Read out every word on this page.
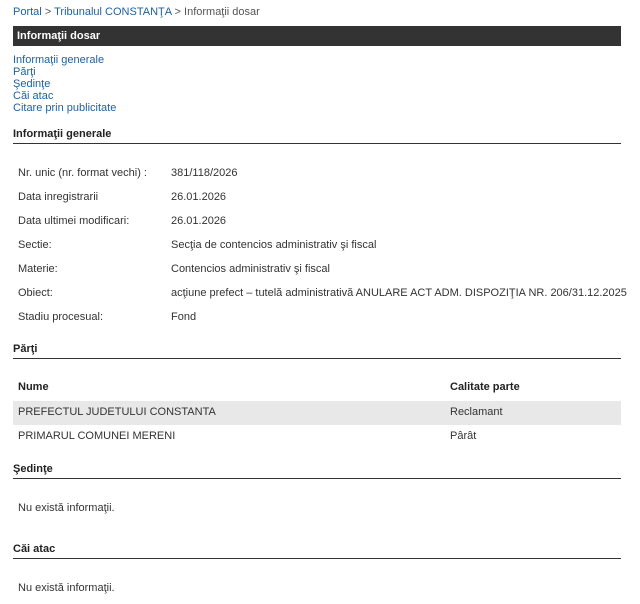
Portal > Tribunalul CONSTANŢA > Informaţii dosar
Informaţii dosar
Informaţii generale
Părţi
Şedinţe
Căi atac
Citare prin publicitate
Informaţii generale
Nr. unic (nr. format vechi) : 381/118/2026
Data inregistrarii	26.01.2026
Data ultimei modificari:	26.01.2026
Sectie:	Secţia de contencios administrativ şi fiscal
Materie:	Contencios administrativ şi fiscal
Obiect:	acţiune prefect – tutelă administrativă ANULARE ACT ADM. DISPOZIŢIA NR. 206/31.12.2025
Stadiu procesual:	Fond
Părţi
Nume	Calitate parte
PREFECTUL JUDETULUI CONSTANTA	Reclamant
PRIMARUL COMUNEI MERENI	Pârât
Şedinţe
Nu există informaţii.
Căi atac
Nu există informaţii.
